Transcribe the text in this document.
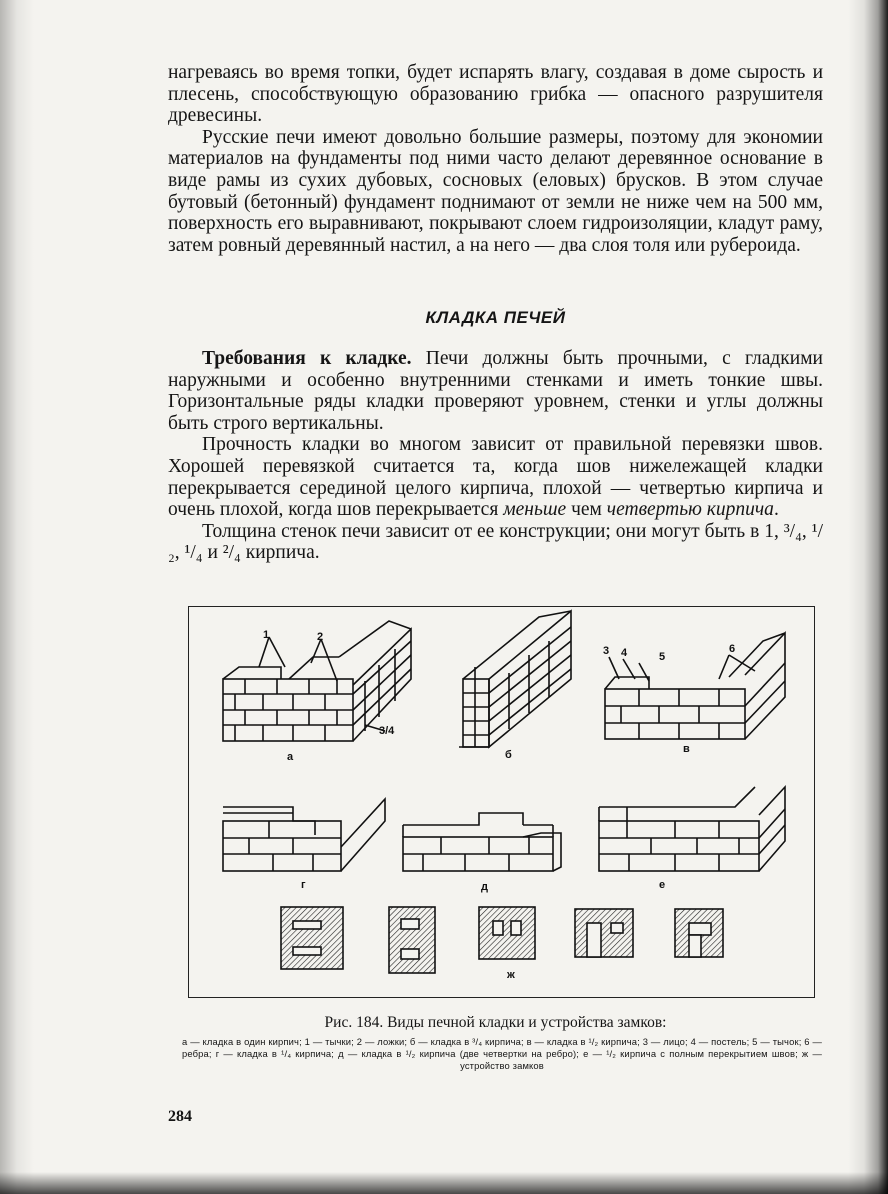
нагреваясь во время топки, будет испарять влагу, создавая в доме сырость и плесень, способствующую образованию грибка — опасного разрушителя древесины.

Русские печи имеют довольно большие размеры, поэтому для экономии материалов на фундаменты под ними часто делают деревянное основание в виде рамы из сухих дубовых, сосновых (еловых) брусков. В этом случае бутовый (бетонный) фундамент поднимают от земли не ниже чем на 500 мм, поверхность его выравнивают, покрывают слоем гидроизоляции, кладут раму, затем ровный деревянный настил, а на него — два слоя толя или рубероида.

КЛАДКА ПЕЧЕЙ

Требования к кладке. Печи должны быть прочными, с гладкими наружными и особенно внутренними стенками и иметь тонкие швы. Горизонтальные ряды кладки проверяют уровнем, стенки и углы должны быть строго вертикальны.

Прочность кладки во многом зависит от правильной перевязки швов. Хорошей перевязкой считается та, когда шов нижележащей кладки перекрывается серединой целого кирпича, плохой — четвертью кирпича и очень плохой, когда шов перекрывается меньше чем четвертью кирпича.

Толщина стенок печи зависит от ее конструкции; они могут быть в 1, ³/₄, ¹/₂, ¹/₄ и ²/₄ кирпича.

а	б	в
г	д	е
ж
1	2
3/4
3 4	5
6
Рис. 184. Виды печной кладки и устройства замков:
а — кладка в один кирпич; 1 — тычки; 2 — ложки; б — кладка в ³/₄ кирпича; в — кладка в ¹/₂ кирпича; 3 — лицо; 4 — постель; 5 — тычок; 6 — ребра; г — кладка в ¹/₄ кирпича; д — кладка в ¹/₂ кирпича (две четвертки на ребро); е — ¹/₂ кирпича с полным перекрытием швов; ж — устройство замков
284
